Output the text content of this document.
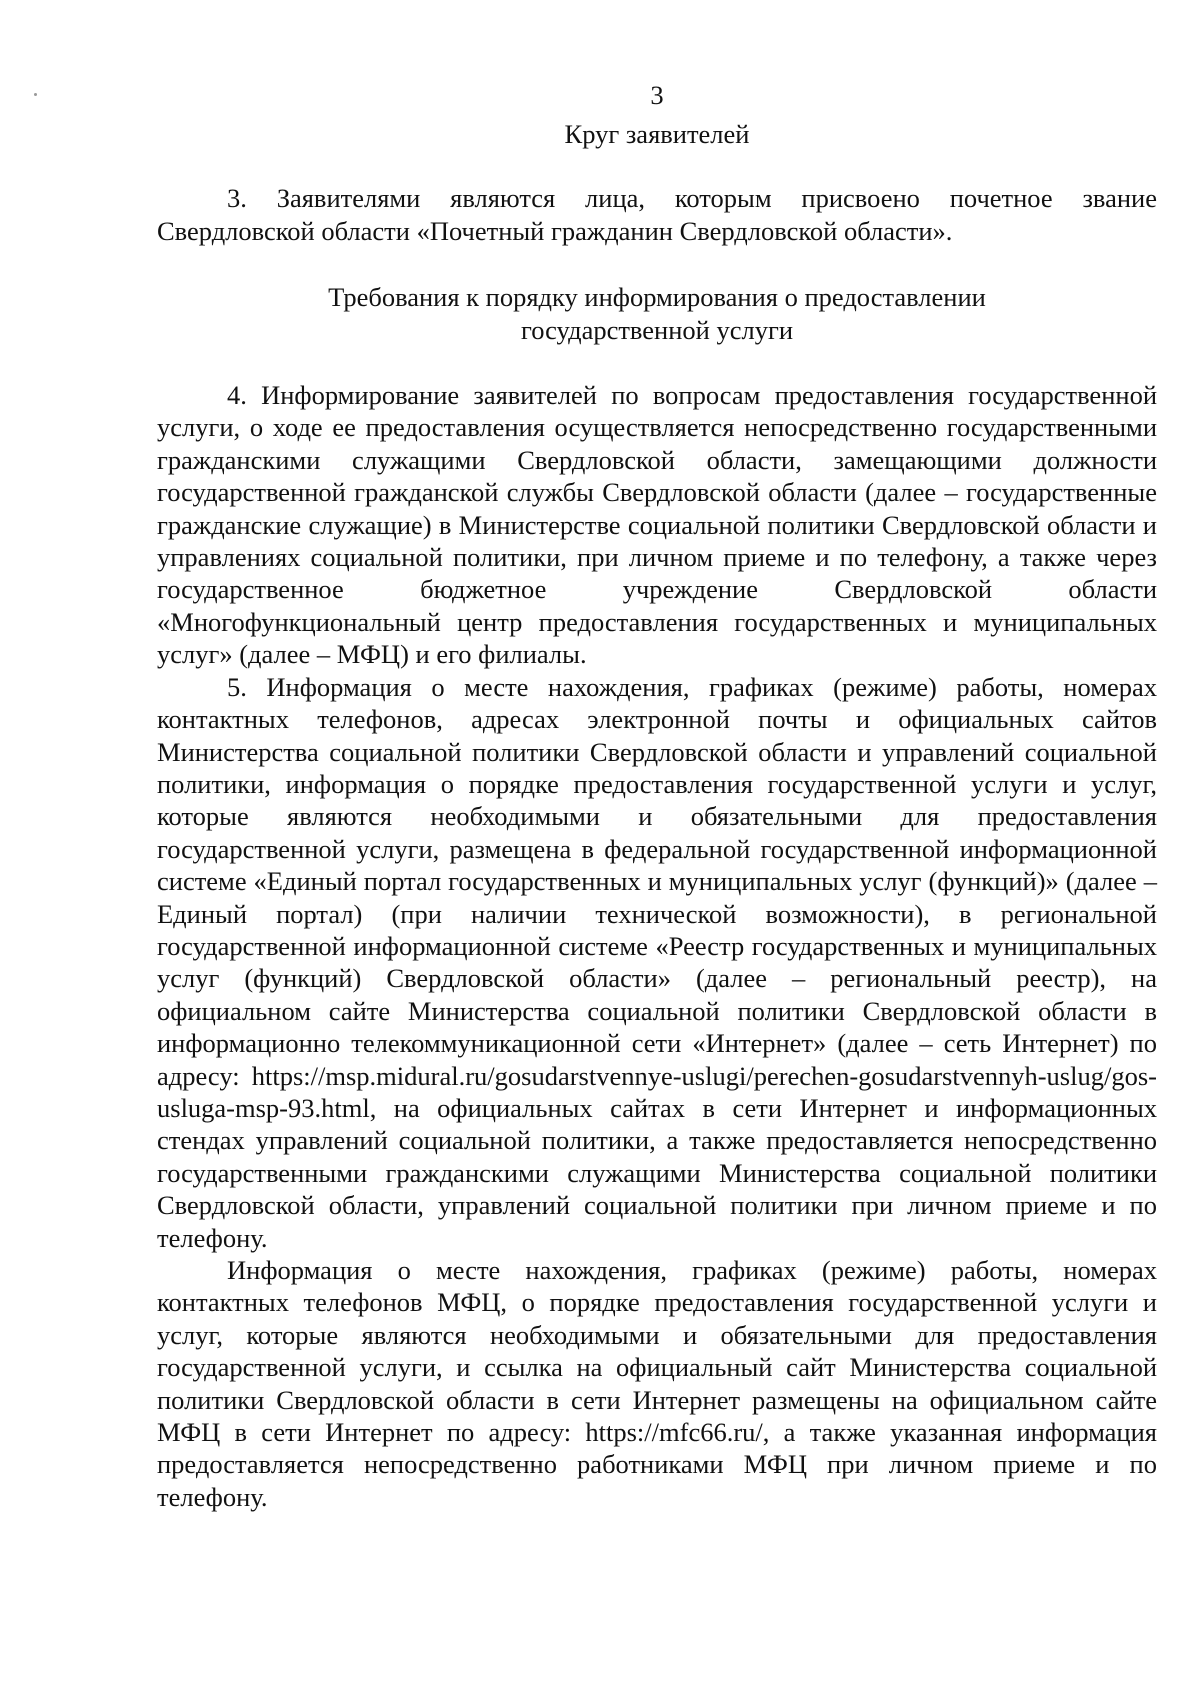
3

Круг заявителей

3. Заявителями являются лица, которым присвоено почетное звание Свердловской области «Почетный гражданин Свердловской области».

Требования к порядку информирования о предоставлении
государственной услуги

4. Информирование заявителей по вопросам предоставления государственной услуги, о ходе ее предоставления осуществляется непосредственно государственными гражданскими служащими Свердловской области, замещающими должности государственной гражданской службы Свердловской области (далее – государственные гражданские служащие) в Министерстве социальной политики Свердловской области и управлениях социальной политики, при личном приеме и по телефону, а также через государственное бюджетное учреждение Свердловской области «Многофункциональный центр предоставления государственных и муниципальных услуг» (далее – МФЦ) и его филиалы.

5. Информация о месте нахождения, графиках (режиме) работы, номерах контактных телефонов, адресах электронной почты и официальных сайтов Министерства социальной политики Свердловской области и управлений социальной политики, информация о порядке предоставления государственной услуги и услуг, которые являются необходимыми и обязательными для предоставления государственной услуги, размещена в федеральной государственной информационной системе «Единый портал государственных и муниципальных услуг (функций)» (далее – Единый портал) (при наличии технической возможности), в региональной государственной информационной системе «Реестр государственных и муниципальных услуг (функций) Свердловской области» (далее – региональный реестр), на официальном сайте Министерства социальной политики Свердловской области в информационно телекоммуникационной сети «Интернет» (далее – сеть Интернет) по адресу: https://msp.midural.ru/gosudarstvennye-uslugi/perechen-gosudarstvennyh-uslug/gos-usluga-msp-93.html, на официальных сайтах в сети Интернет и информационных стендах управлений социальной политики, а также предоставляется непосредственно государственными гражданскими служащими Министерства социальной политики Свердловской области, управлений социальной политики при личном приеме и по телефону.

Информация о месте нахождения, графиках (режиме) работы, номерах контактных телефонов МФЦ, о порядке предоставления государственной услуги и услуг, которые являются необходимыми и обязательными для предоставления государственной услуги, и ссылка на официальный сайт Министерства социальной политики Свердловской области в сети Интернет размещены на официальном сайте МФЦ в сети Интернет по адресу: https://mfc66.ru/, а также указанная информация предоставляется непосредственно работниками МФЦ при личном приеме и по телефону.
